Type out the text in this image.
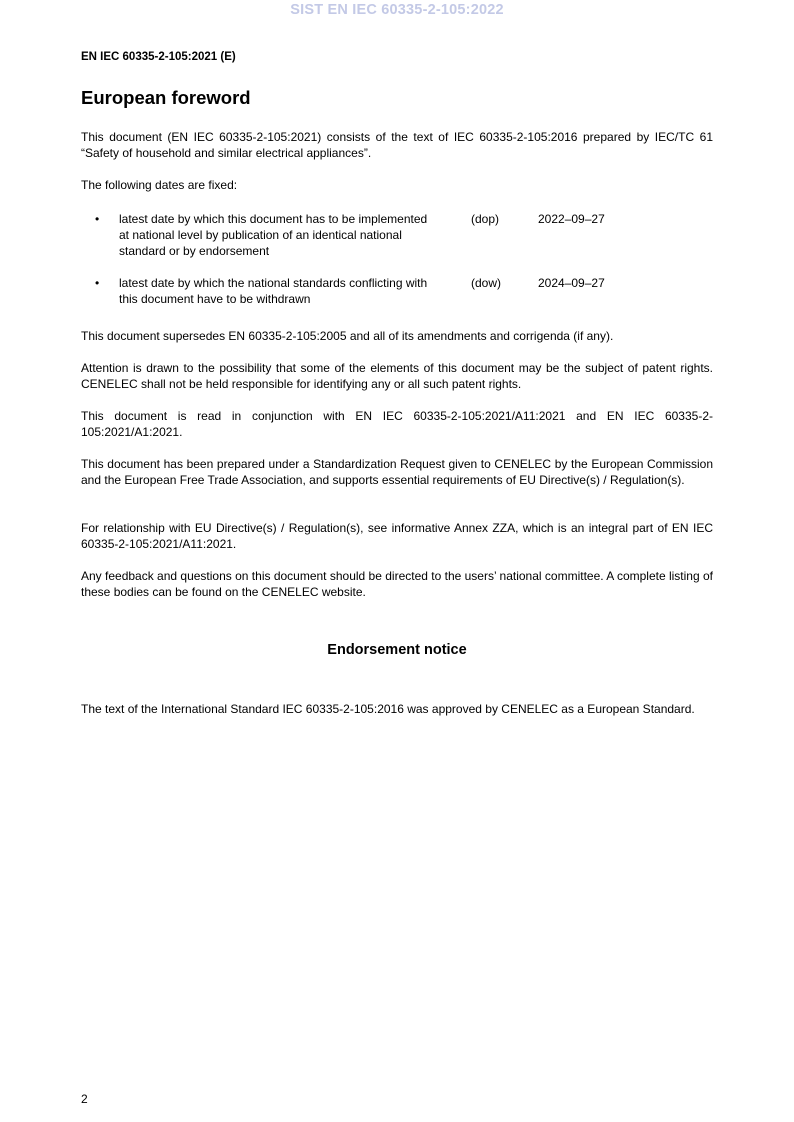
SIST EN IEC 60335-2-105:2022
EN IEC 60335-2-105:2021 (E)
European foreword

This document (EN IEC 60335-2-105:2021) consists of the text of IEC 60335-2-105:2016 prepared by IEC/TC 61 “Safety of household and similar electrical appliances”.

The following dates are fixed:

• latest date by which this document has to be implemented at national level by publication of an identical national standard or by endorsement
(dop)	2022–09–27
• latest date by which the national standards conflicting with this document have to be withdrawn
(dow)	2024–09–27

This document supersedes EN 60335-2-105:2005 and all of its amendments and corrigenda (if any).

Attention is drawn to the possibility that some of the elements of this document may be the subject of patent rights. CENELEC shall not be held responsible for identifying any or all such patent rights.

This document is read in conjunction with EN IEC 60335-2-105:2021/A11:2021 and EN IEC 60335-2-105:2021/A1:2021.

This document has been prepared under a Standardization Request given to CENELEC by the European Commission and the European Free Trade Association, and supports essential requirements of EU Directive(s) / Regulation(s).

For relationship with EU Directive(s) / Regulation(s), see informative Annex ZZA, which is an integral part of EN IEC 60335-2-105:2021/A11:2021.

Any feedback and questions on this document should be directed to the users’ national committee. A complete listing of these bodies can be found on the CENELEC website.

Endorsement notice

The text of the International Standard IEC 60335-2-105:2016 was approved by CENELEC as a European Standard.

2
